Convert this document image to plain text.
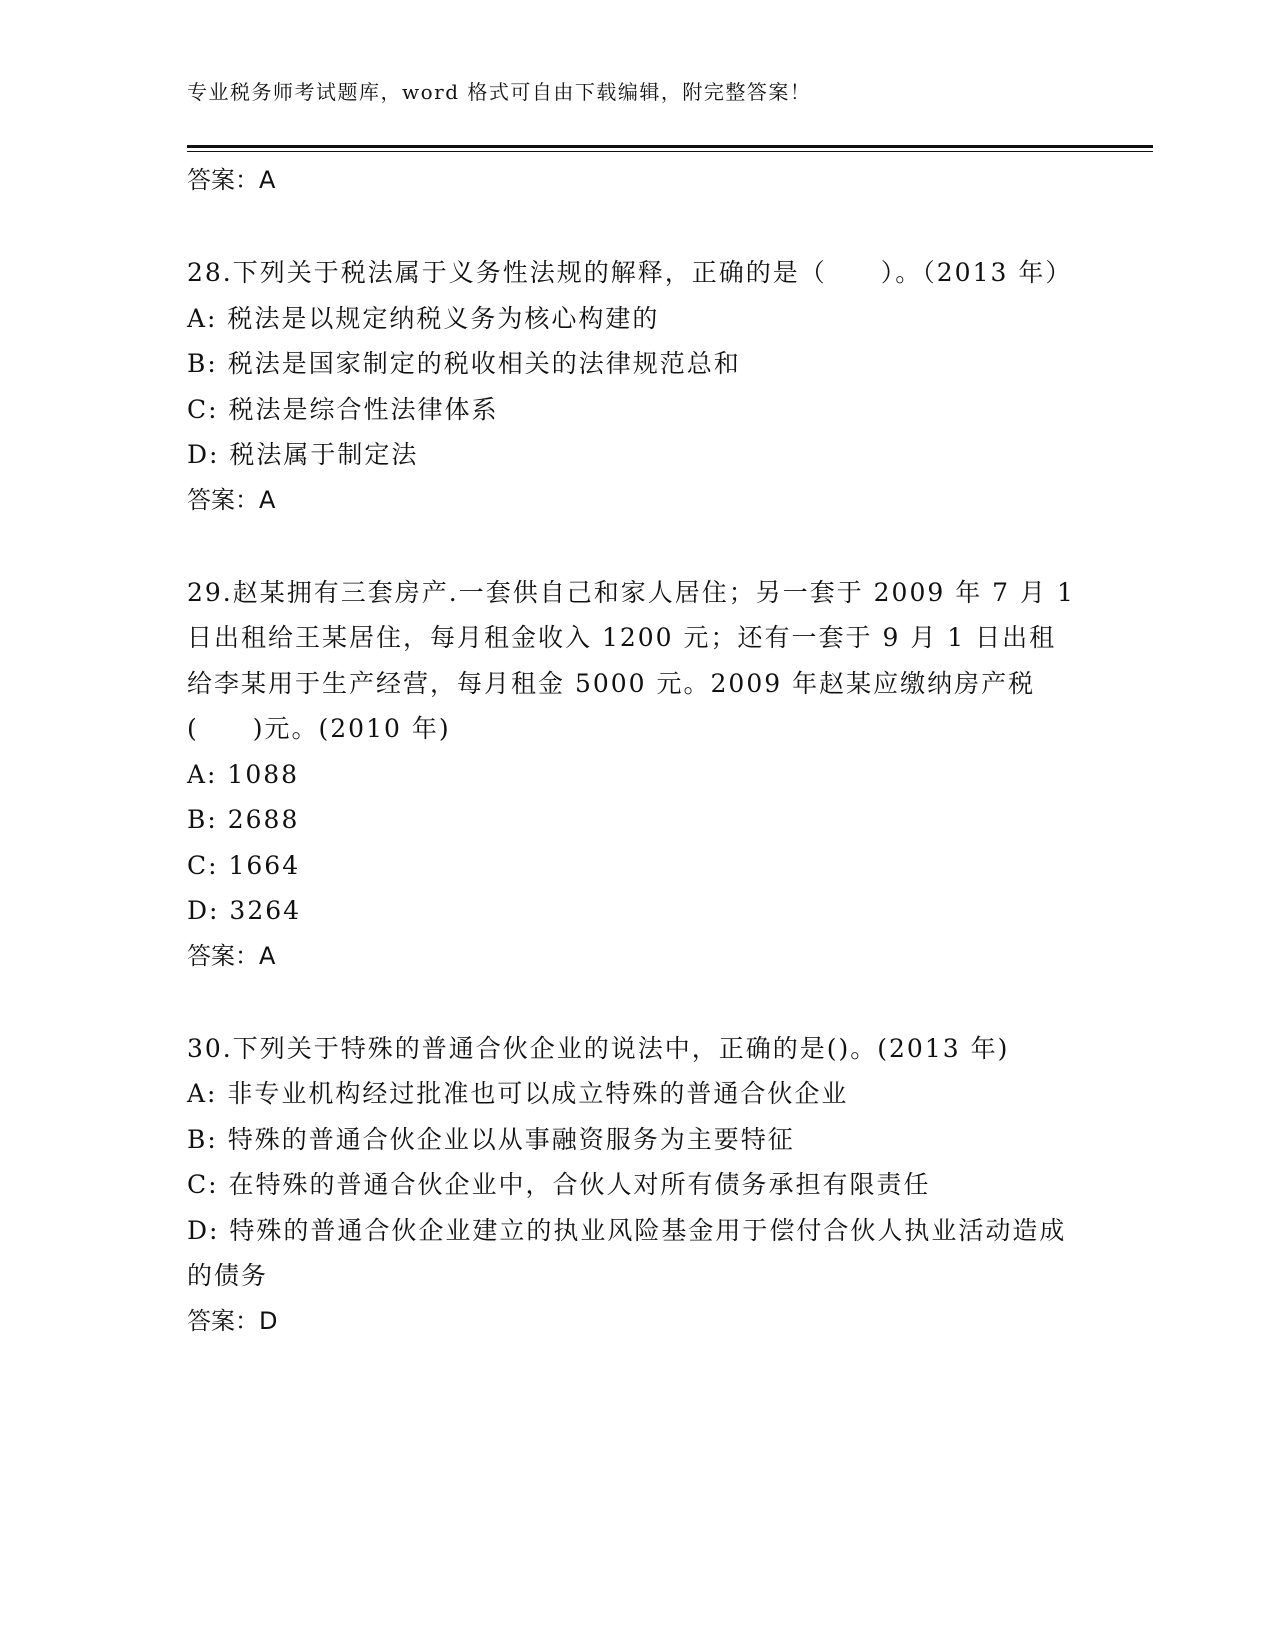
专业税务师考试题库，word 格式可自由下载编辑，附完整答案！
答案：A
28.下列关于税法属于义务性法规的解释，正确的是（　　）。（2013 年）
A: 税法是以规定纳税义务为核心构建的
B: 税法是国家制定的税收相关的法律规范总和
C: 税法是综合性法律体系
D: 税法属于制定法
答案：A
29.赵某拥有三套房产.一套供自己和家人居住；另一套于 2009 年 7 月 1 日出租给王某居住，每月租金收入 1200 元；还有一套于 9 月 1 日出租给李某用于生产经营，每月租金 5000 元。2009 年赵某应缴纳房产税(　　)元。(2010 年)
A: 1088
B: 2688
C: 1664
D: 3264
答案：A
30.下列关于特殊的普通合伙企业的说法中，正确的是()。(2013 年)
A: 非专业机构经过批准也可以成立特殊的普通合伙企业
B: 特殊的普通合伙企业以从事融资服务为主要特征
C: 在特殊的普通合伙企业中，合伙人对所有债务承担有限责任
D: 特殊的普通合伙企业建立的执业风险基金用于偿付合伙人执业活动造成的债务
答案：D
